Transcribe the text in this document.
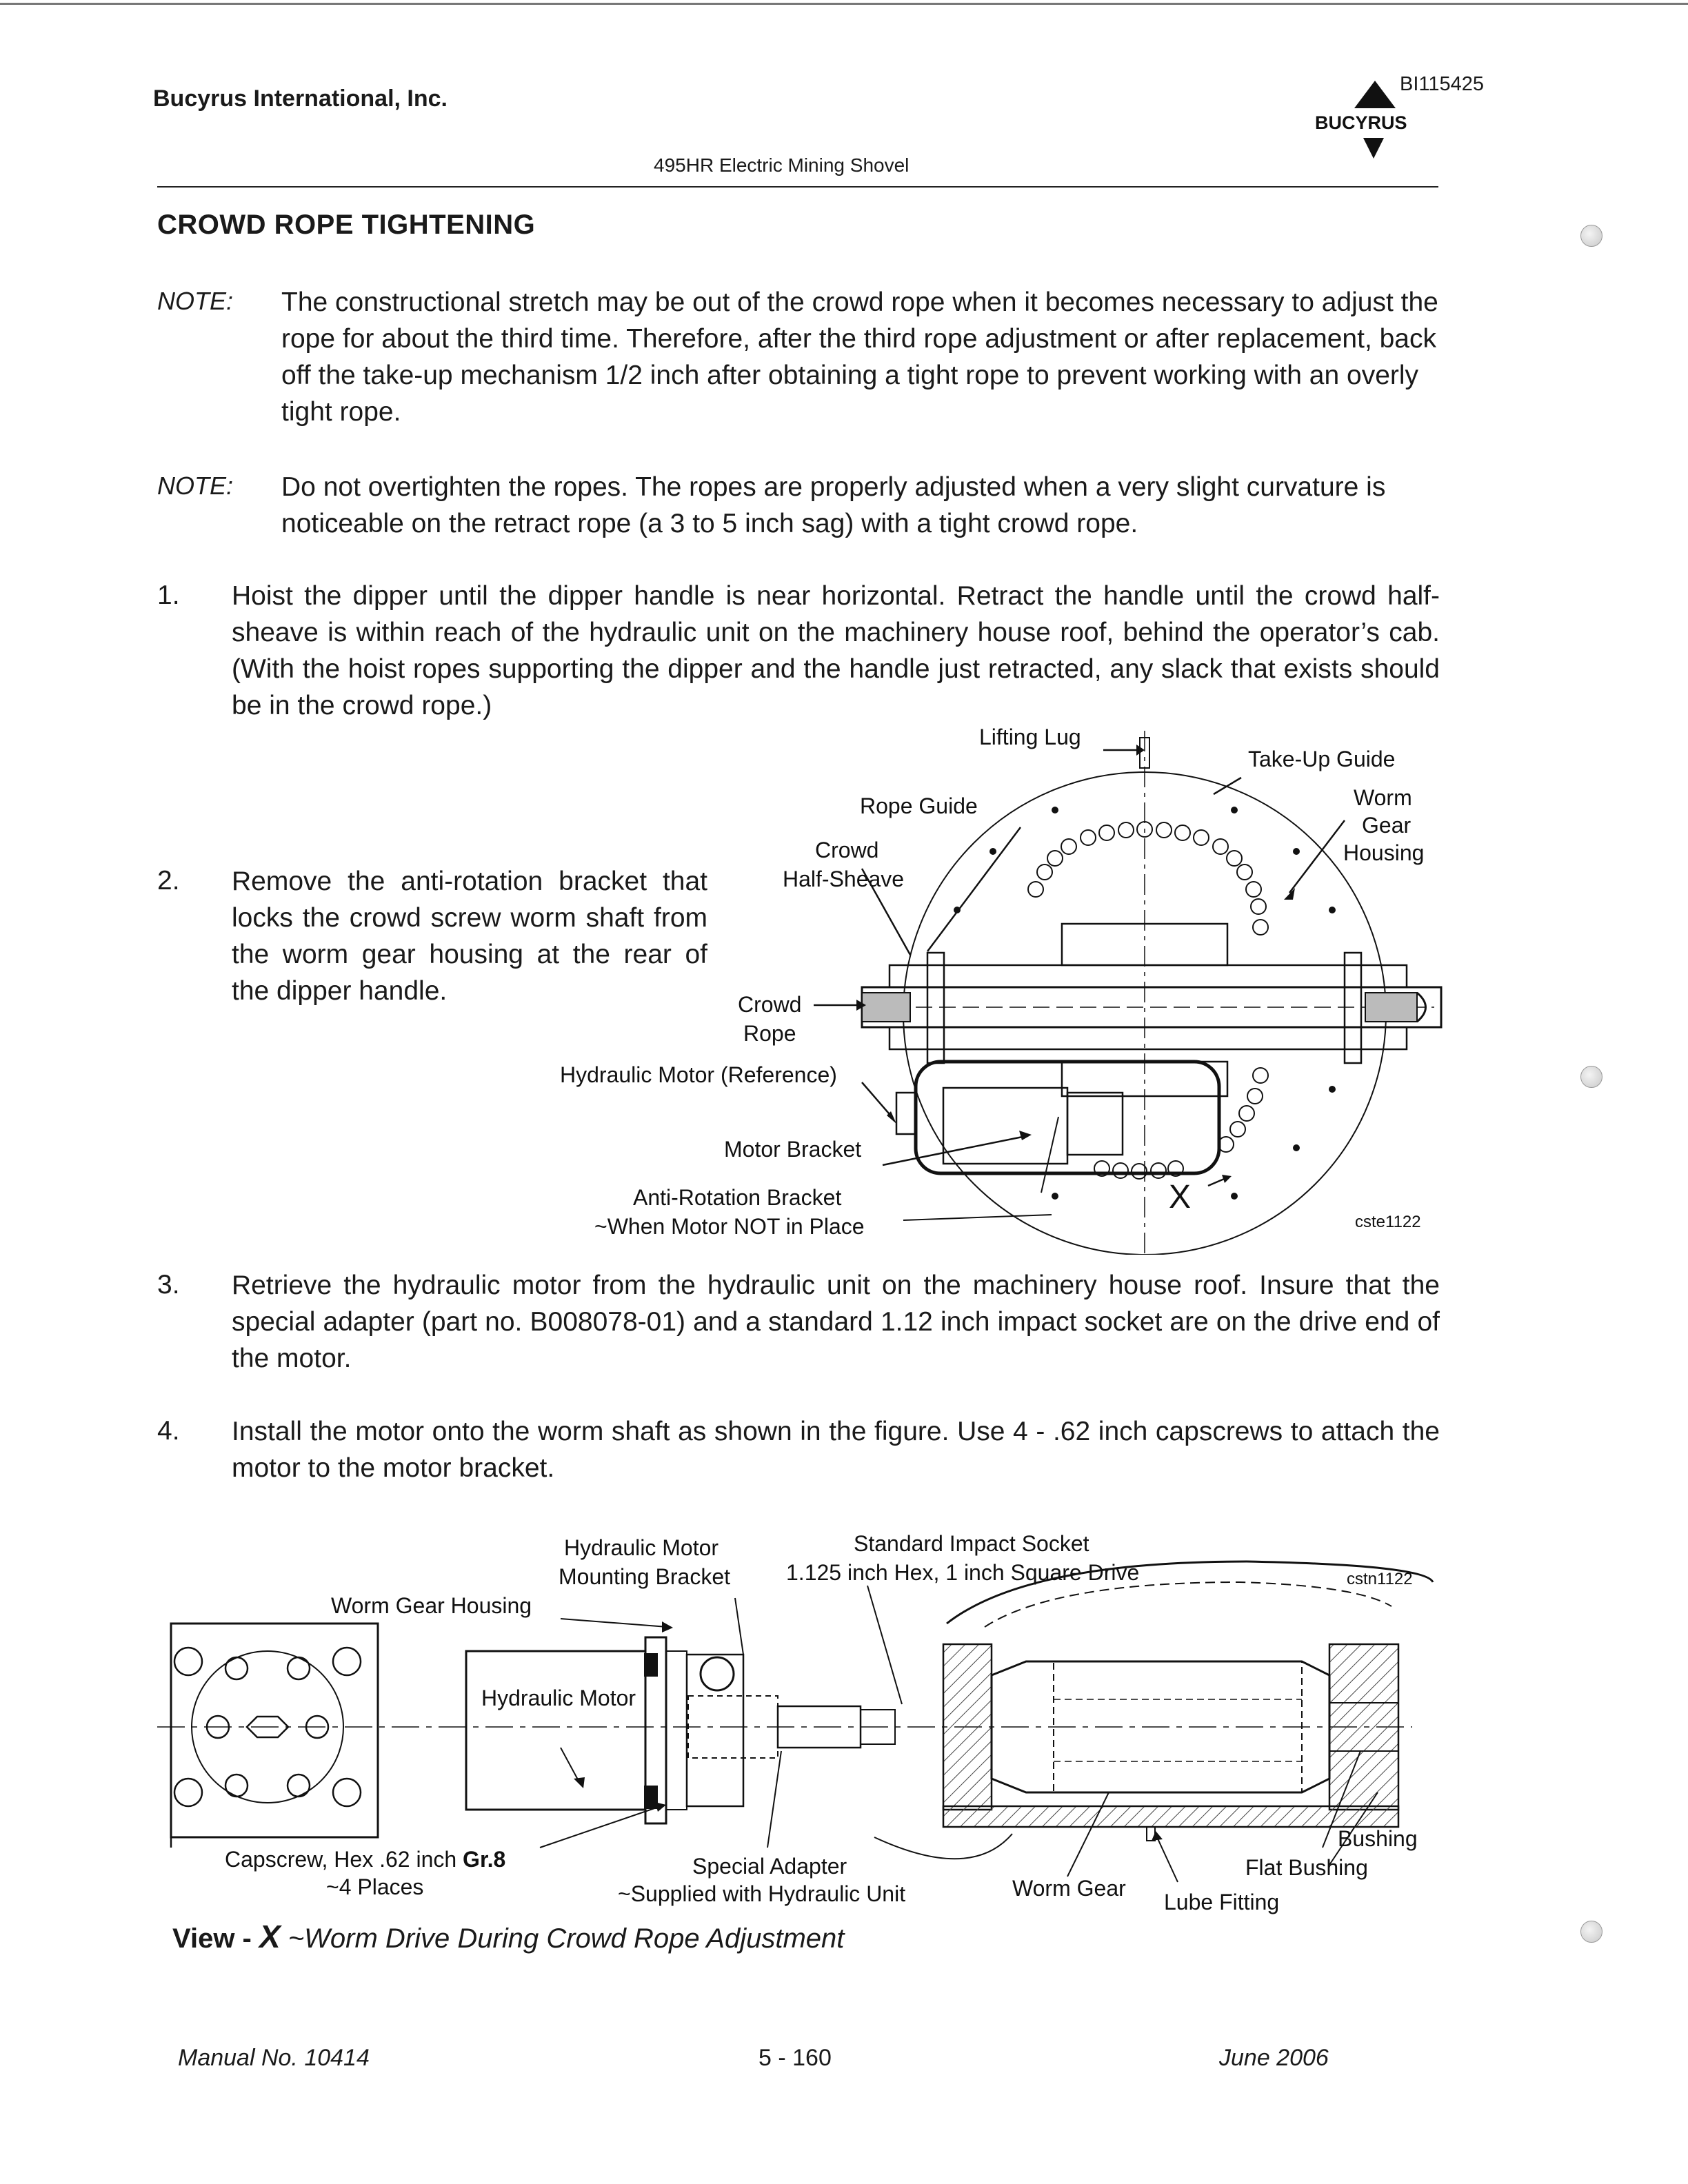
Bucyrus International, Inc.
BI115425
BUCYRUS
495HR Electric Mining Shovel
CROWD ROPE TIGHTENING
NOTE: The constructional stretch may be out of the crowd rope when it becomes necessary to adjust the rope for about the third time. Therefore, after the third rope adjustment or after replacement, back off the take-up mechanism 1/2 inch after obtaining a tight rope to prevent working with an overly tight rope.
NOTE: Do not overtighten the ropes. The ropes are properly adjusted when a very slight curvature is noticeable on the retract rope (a 3 to 5 inch sag) with a tight crowd rope.
1. Hoist the dipper until the dipper handle is near horizontal. Retract the handle until the crowd half-sheave is within reach of the hydraulic unit on the machinery house roof, behind the operator’s cab. (With the hoist ropes supporting the dipper and the handle just retracted, any slack that exists should be in the crowd rope.)
2. Remove the anti-rotation bracket that locks the crowd screw worm shaft from the worm gear housing at the rear of the dipper handle.
Lifting Lug
Take-Up Guide
Rope Guide	Worm
Gear
Housing
Crowd
Half-Sheave
Crowd
Rope
Hydraulic Motor (Reference)
Motor Bracket
Anti-Rotation Bracket
~When Motor NOT in Place
X
cste1122
3. Retrieve the hydraulic motor from the hydraulic unit on the machinery house roof. Insure that the special adapter (part no. B008078-01) and a standard 1.12 inch impact socket are on the drive end of the motor.
4. Install the motor onto the worm shaft as shown in the figure. Use 4 - .62 inch capscrews to attach the motor to the motor bracket.
Hydraulic Motor
Mounting Bracket
Standard Impact Socket
1.125 inch Hex, 1 inch Square Drive	cstn1122
Worm Gear Housing
Hydraulic Motor
Capscrew, Hex .62 inch Gr.8
~4 Places
Special Adapter
~Supplied with Hydraulic Unit	Worm Gear
Lube Fitting
Bushing
Flat Bushing
View - X ~Worm Drive During Crowd Rope Adjustment
Manual No. 10414	5 - 160	June 2006
